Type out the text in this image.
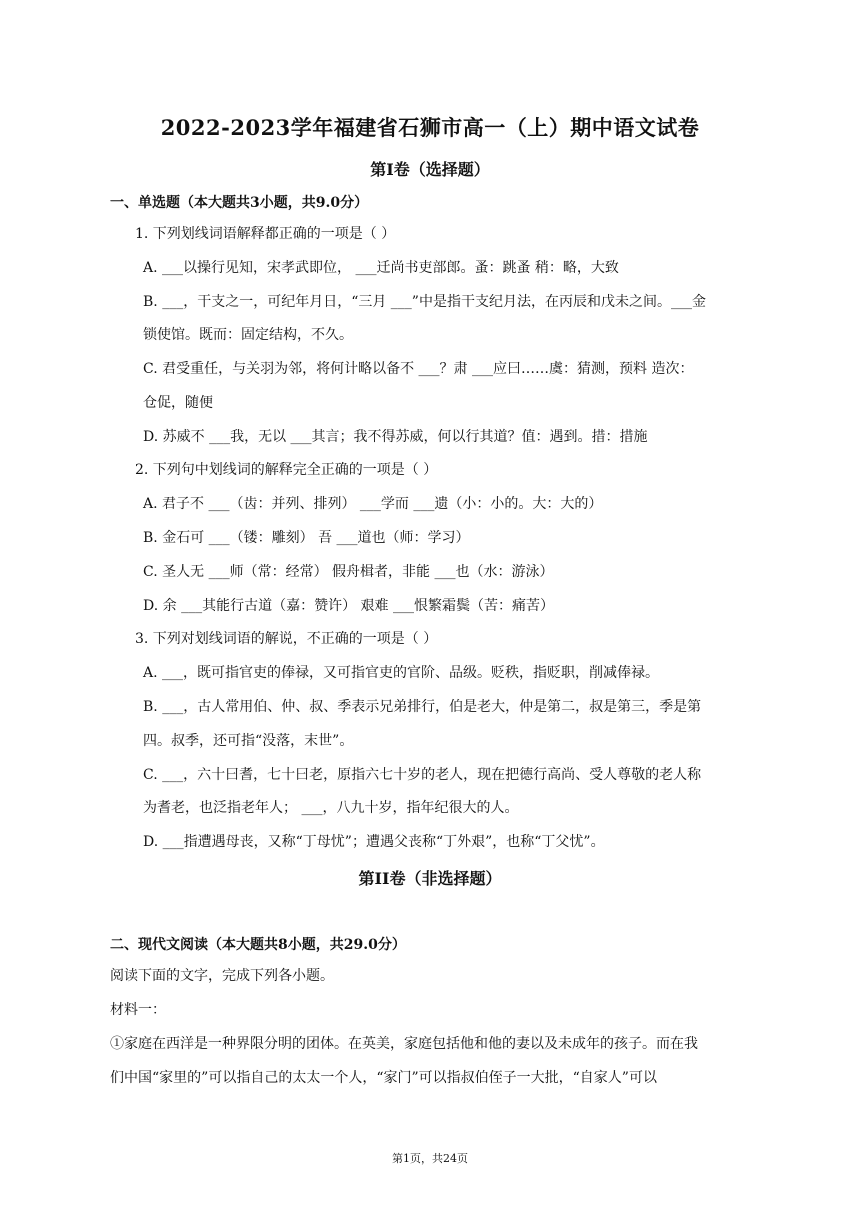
2022-2023学年福建省石狮市高一（上）期中语文试卷
第I卷（选择题）
一、单选题（本大题共3小题，共9.0分）
1. 下列划线词语解释都正确的一项是（ ）
A. ___以操行见知，宋孝武即位， ___迁尚书吏部郎。蚤：跳蚤 稍：略，大致
B. ___，干支之一，可纪年月日，“三月 ___”中是指干支纪月法，在丙辰和戊未之间。___金
锁使馆。既而：固定结构，不久。
C. 君受重任，与关羽为邻，将何计略以备不 ___？肃 ___应曰……虞：猜测，预料 造次：
仓促，随便
D. 苏威不 ___我，无以 ___其言；我不得苏威，何以行其道？值：遇到。措：措施
2. 下列句中划线词的解释完全正确的一项是（ ）
A. 君子不 ___（齿：并列、排列） ___学而 ___遗（小：小的。大：大的）
B. 金石可 ___（镂：雕刻） 吾 ___道也（师：学习）
C. 圣人无 ___师（常：经常） 假舟楫者，非能 ___也（水：游泳）
D. 余 ___其能行古道（嘉：赞许） 艰难 ___恨繁霜鬓（苦：痛苦）
3. 下列对划线词语的解说，不正确的一项是（ ）
A. ___，既可指官吏的俸禄，又可指官吏的官阶、品级。贬秩，指贬职，削减俸禄。
B. ___，古人常用伯、仲、叔、季表示兄弟排行，伯是老大，仲是第二，叔是第三，季是第
四。叔季，还可指“没落，末世”。
C. ___，六十曰耆，七十曰老，原指六七十岁的老人，现在把德行高尚、受人尊敬的老人称
为耆老，也泛指老年人； ___，八九十岁，指年纪很大的人。
D. ___指遭遇母丧，又称“丁母忧”；遭遇父丧称“丁外艰”，也称“丁父忧”。
第II卷（非选择题）
二、现代文阅读（本大题共8小题，共29.0分）
阅读下面的文字，完成下列各小题。
材料一：
①家庭在西洋是一种界限分明的团体。在英美，家庭包括他和他的妻以及未成年的孩子。而在我
们中国“家里的”可以指自己的太太一个人，“家门”可以指叔伯侄子一大批，“自家人”可以
第1页，共24页
